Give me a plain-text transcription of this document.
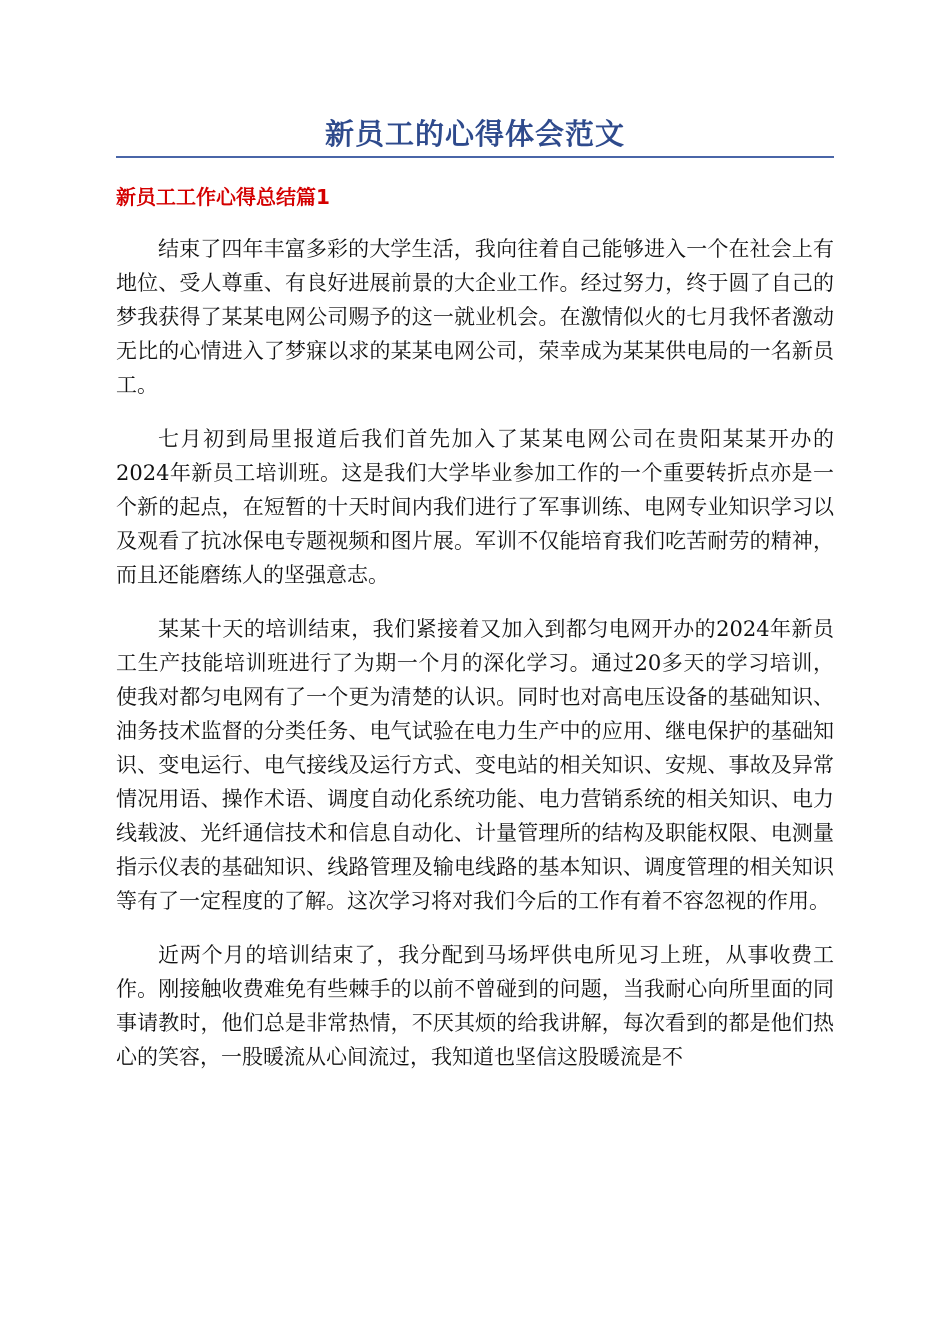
新员工的心得体会范文
新员工工作心得总结篇1

结束了四年丰富多彩的大学生活，我向往着自己能够进入一个在社会上有地位、受人尊重、有良好进展前景的大企业工作。经过努力，终于圆了自己的梦我获得了某某电网公司赐予的这一就业机会。在激情似火的七月我怀者激动无比的心情进入了梦寐以求的某某电网公司，荣幸成为某某供电局的一名新员工。

七月初到局里报道后我们首先加入了某某电网公司在贵阳某某开办的2024年新员工培训班。这是我们大学毕业参加工作的一个重要转折点亦是一个新的起点，在短暂的十天时间内我们进行了军事训练、电网专业知识学习以及观看了抗冰保电专题视频和图片展。军训不仅能培育我们吃苦耐劳的精神，而且还能磨练人的坚强意志。

某某十天的培训结束，我们紧接着又加入到都匀电网开办的2024年新员工生产技能培训班进行了为期一个月的深化学习。通过20多天的学习培训，使我对都匀电网有了一个更为清楚的认识。同时也对高电压设备的基础知识、油务技术监督的分类任务、电气试验在电力生产中的应用、继电保护的基础知识、变电运行、电气接线及运行方式、变电站的相关知识、安规、事故及异常情况用语、操作术语、调度自动化系统功能、电力营销系统的相关知识、电力线载波、光纤通信技术和信息自动化、计量管理所的结构及职能权限、电测量指示仪表的基础知识、线路管理及输电线路的基本知识、调度管理的相关知识等有了一定程度的了解。这次学习将对我们今后的工作有着不容忽视的作用。

近两个月的培训结束了，我分配到马场坪供电所见习上班，从事收费工作。刚接触收费难免有些棘手的以前不曾碰到的问题，当我耐心向所里面的同事请教时，他们总是非常热情，不厌其烦的给我讲解，每次看到的都是他们热心的笑容，一股暖流从心间流过，我知道也坚信这股暖流是不
